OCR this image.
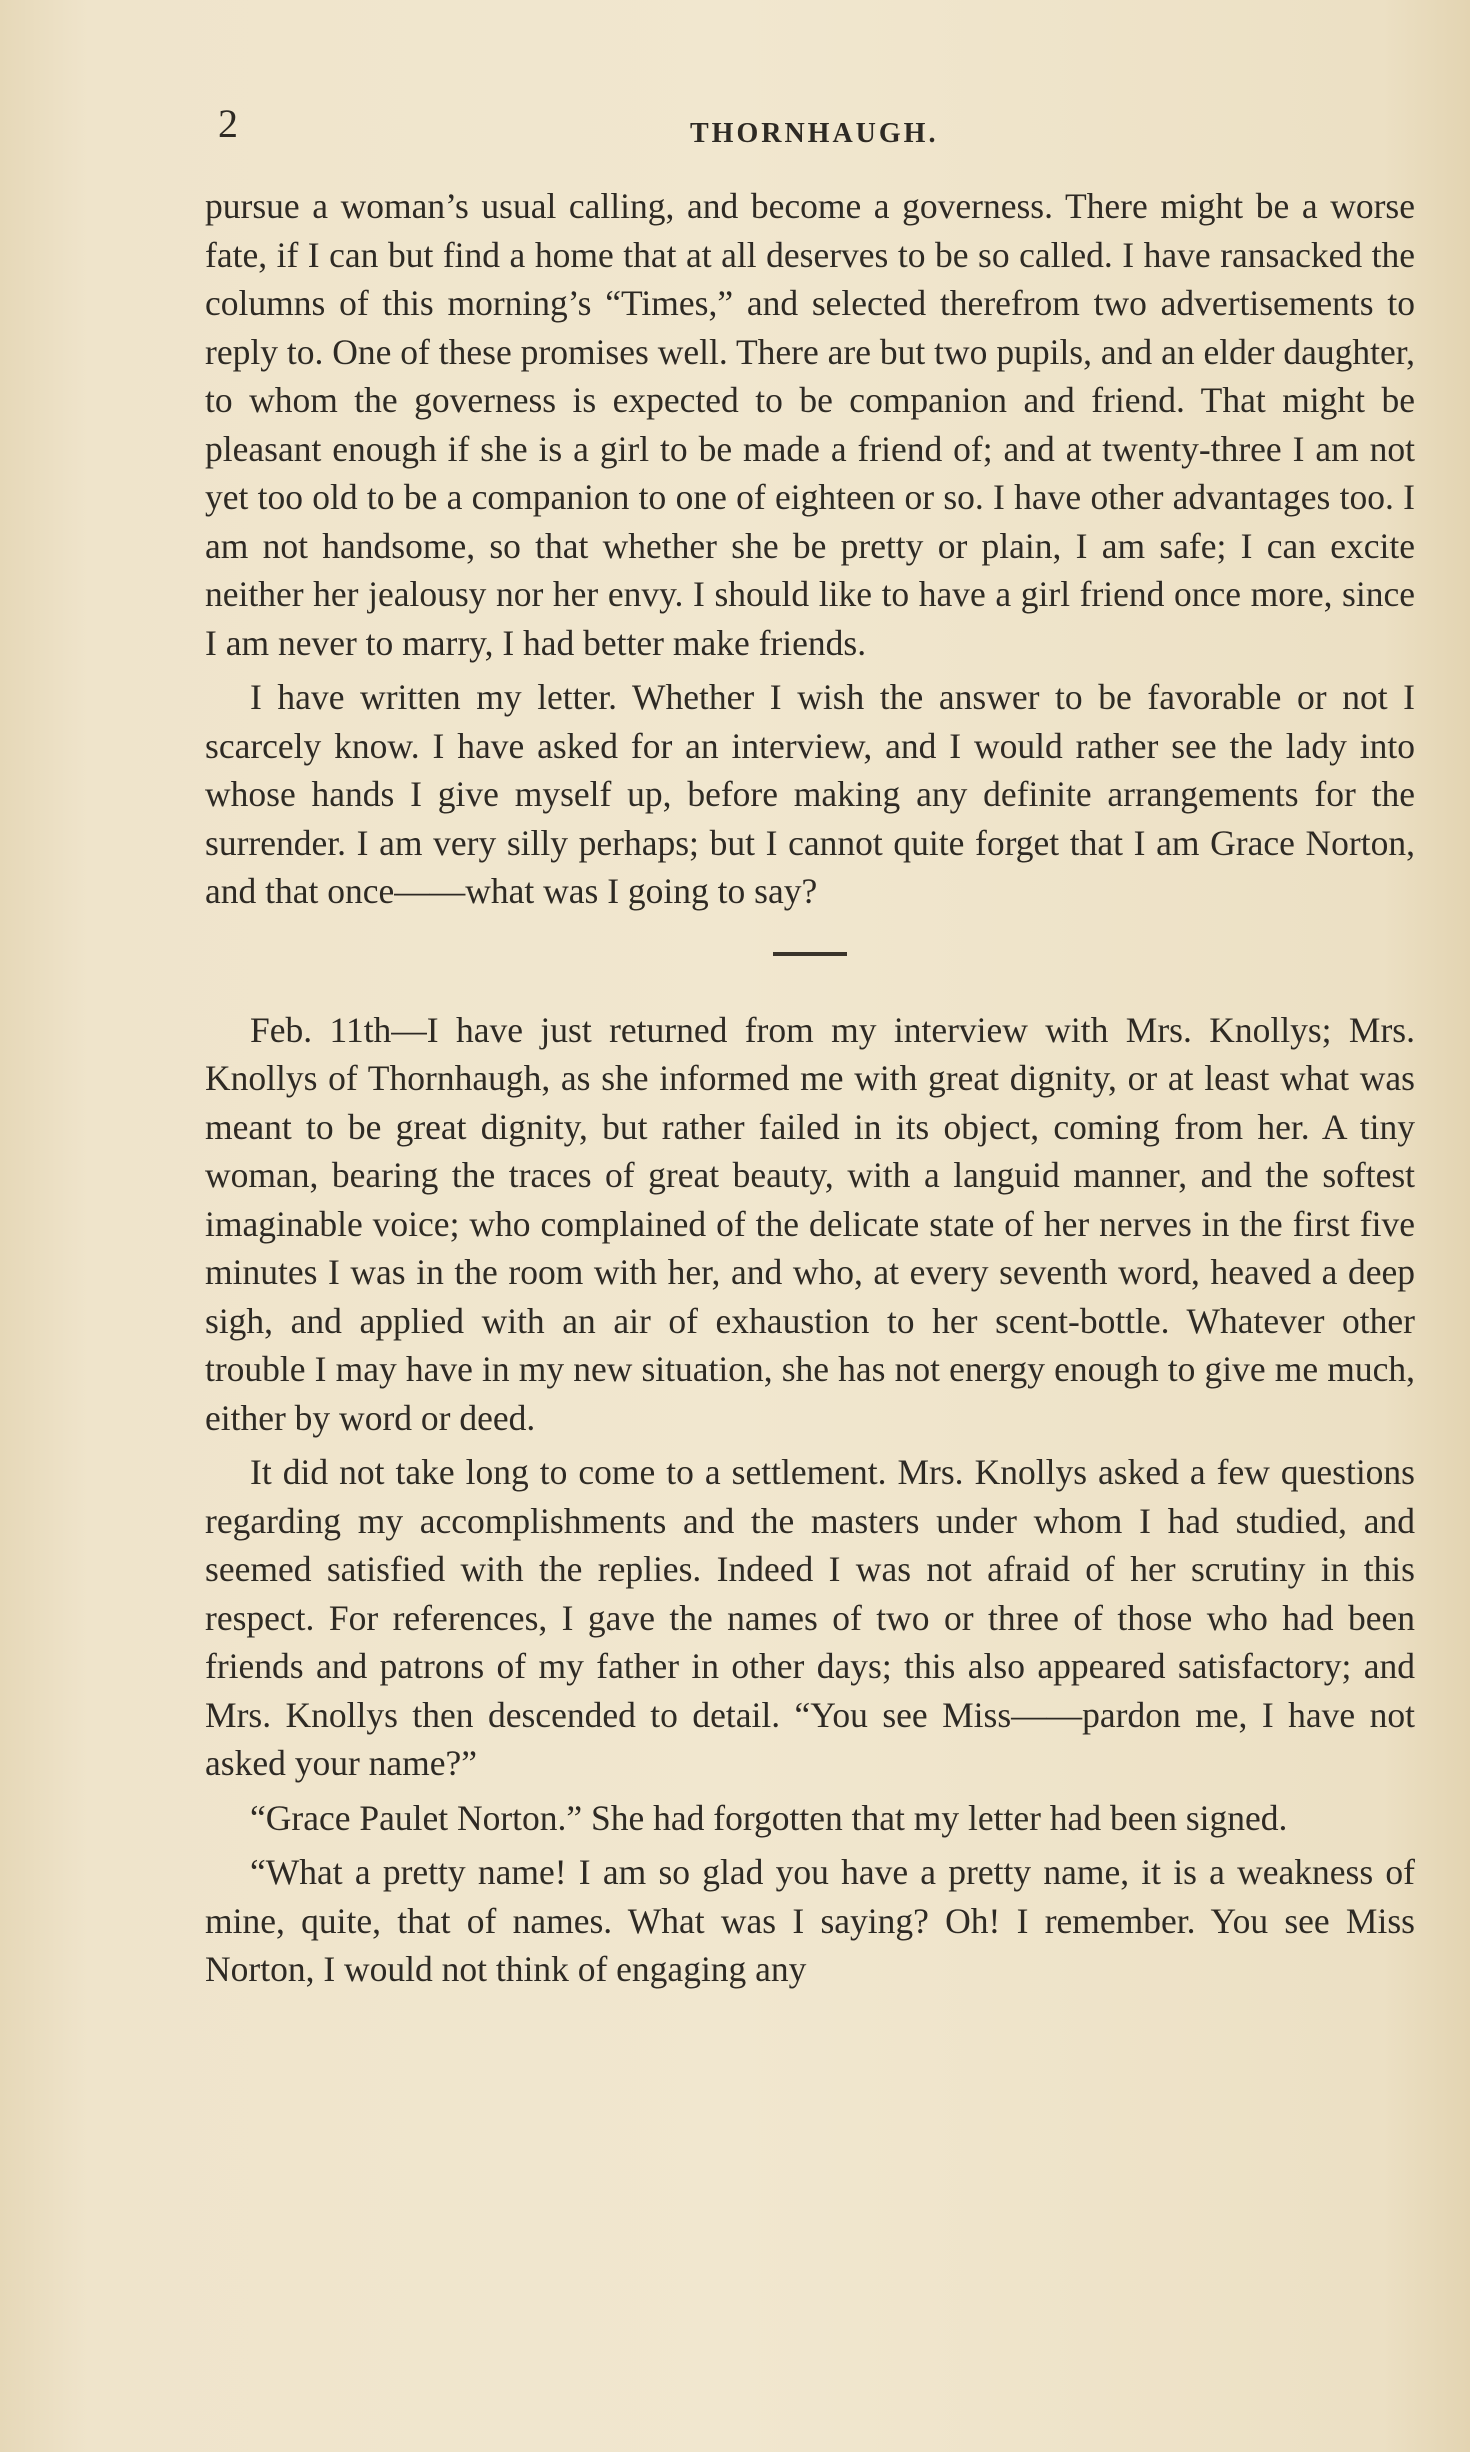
2	THORNHAUGH.

pursue a woman’s usual calling, and become a governess. There might be a worse fate, if I can but find a home that at all deserves to be so called. I have ransacked the columns of this morning’s “Times,” and selected therefrom two advertisements to reply to. One of these promises well. There are but two pupils, and an elder daughter, to whom the governess is expected to be companion and friend. That might be pleasant enough if she is a girl to be made a friend of; and at twenty-three I am not yet too old to be a companion to one of eighteen or so. I have other advantages too. I am not handsome, so that whether she be pretty or plain, I am safe; I can excite neither her jealousy nor her envy. I should like to have a girl friend once more, since I am never to marry, I had better make friends.

I have written my letter. Whether I wish the answer to be favorable or not I scarcely know. I have asked for an interview, and I would rather see the lady into whose hands I give myself up, before making any definite arrangements for the surrender. I am very silly perhaps; but I cannot quite forget that I am Grace Norton, and that once——what was I going to say?

Feb. 11th—I have just returned from my interview with Mrs. Knollys; Mrs. Knollys of Thornhaugh, as she informed me with great dignity, or at least what was meant to be great dignity, but rather failed in its object, coming from her. A tiny woman, bearing the traces of great beauty, with a languid manner, and the softest imaginable voice; who complained of the delicate state of her nerves in the first five minutes I was in the room with her, and who, at every seventh word, heaved a deep sigh, and applied with an air of exhaustion to her scent-bottle. Whatever other trouble I may have in my new situation, she has not energy enough to give me much, either by word or deed.

It did not take long to come to a settlement. Mrs. Knollys asked a few questions regarding my accomplishments and the masters under whom I had studied, and seemed satisfied with the replies. Indeed I was not afraid of her scrutiny in this respect. For references, I gave the names of two or three of those who had been friends and patrons of my father in other days; this also appeared satisfactory; and Mrs. Knollys then descended to detail. “You see Miss——pardon me, I have not asked your name?”

“Grace Paulet Norton.” She had forgotten that my letter had been signed.

“What a pretty name! I am so glad you have a pretty name, it is a weakness of mine, quite, that of names. What was I saying? Oh! I remember. You see Miss Norton, I would not think of engaging any
